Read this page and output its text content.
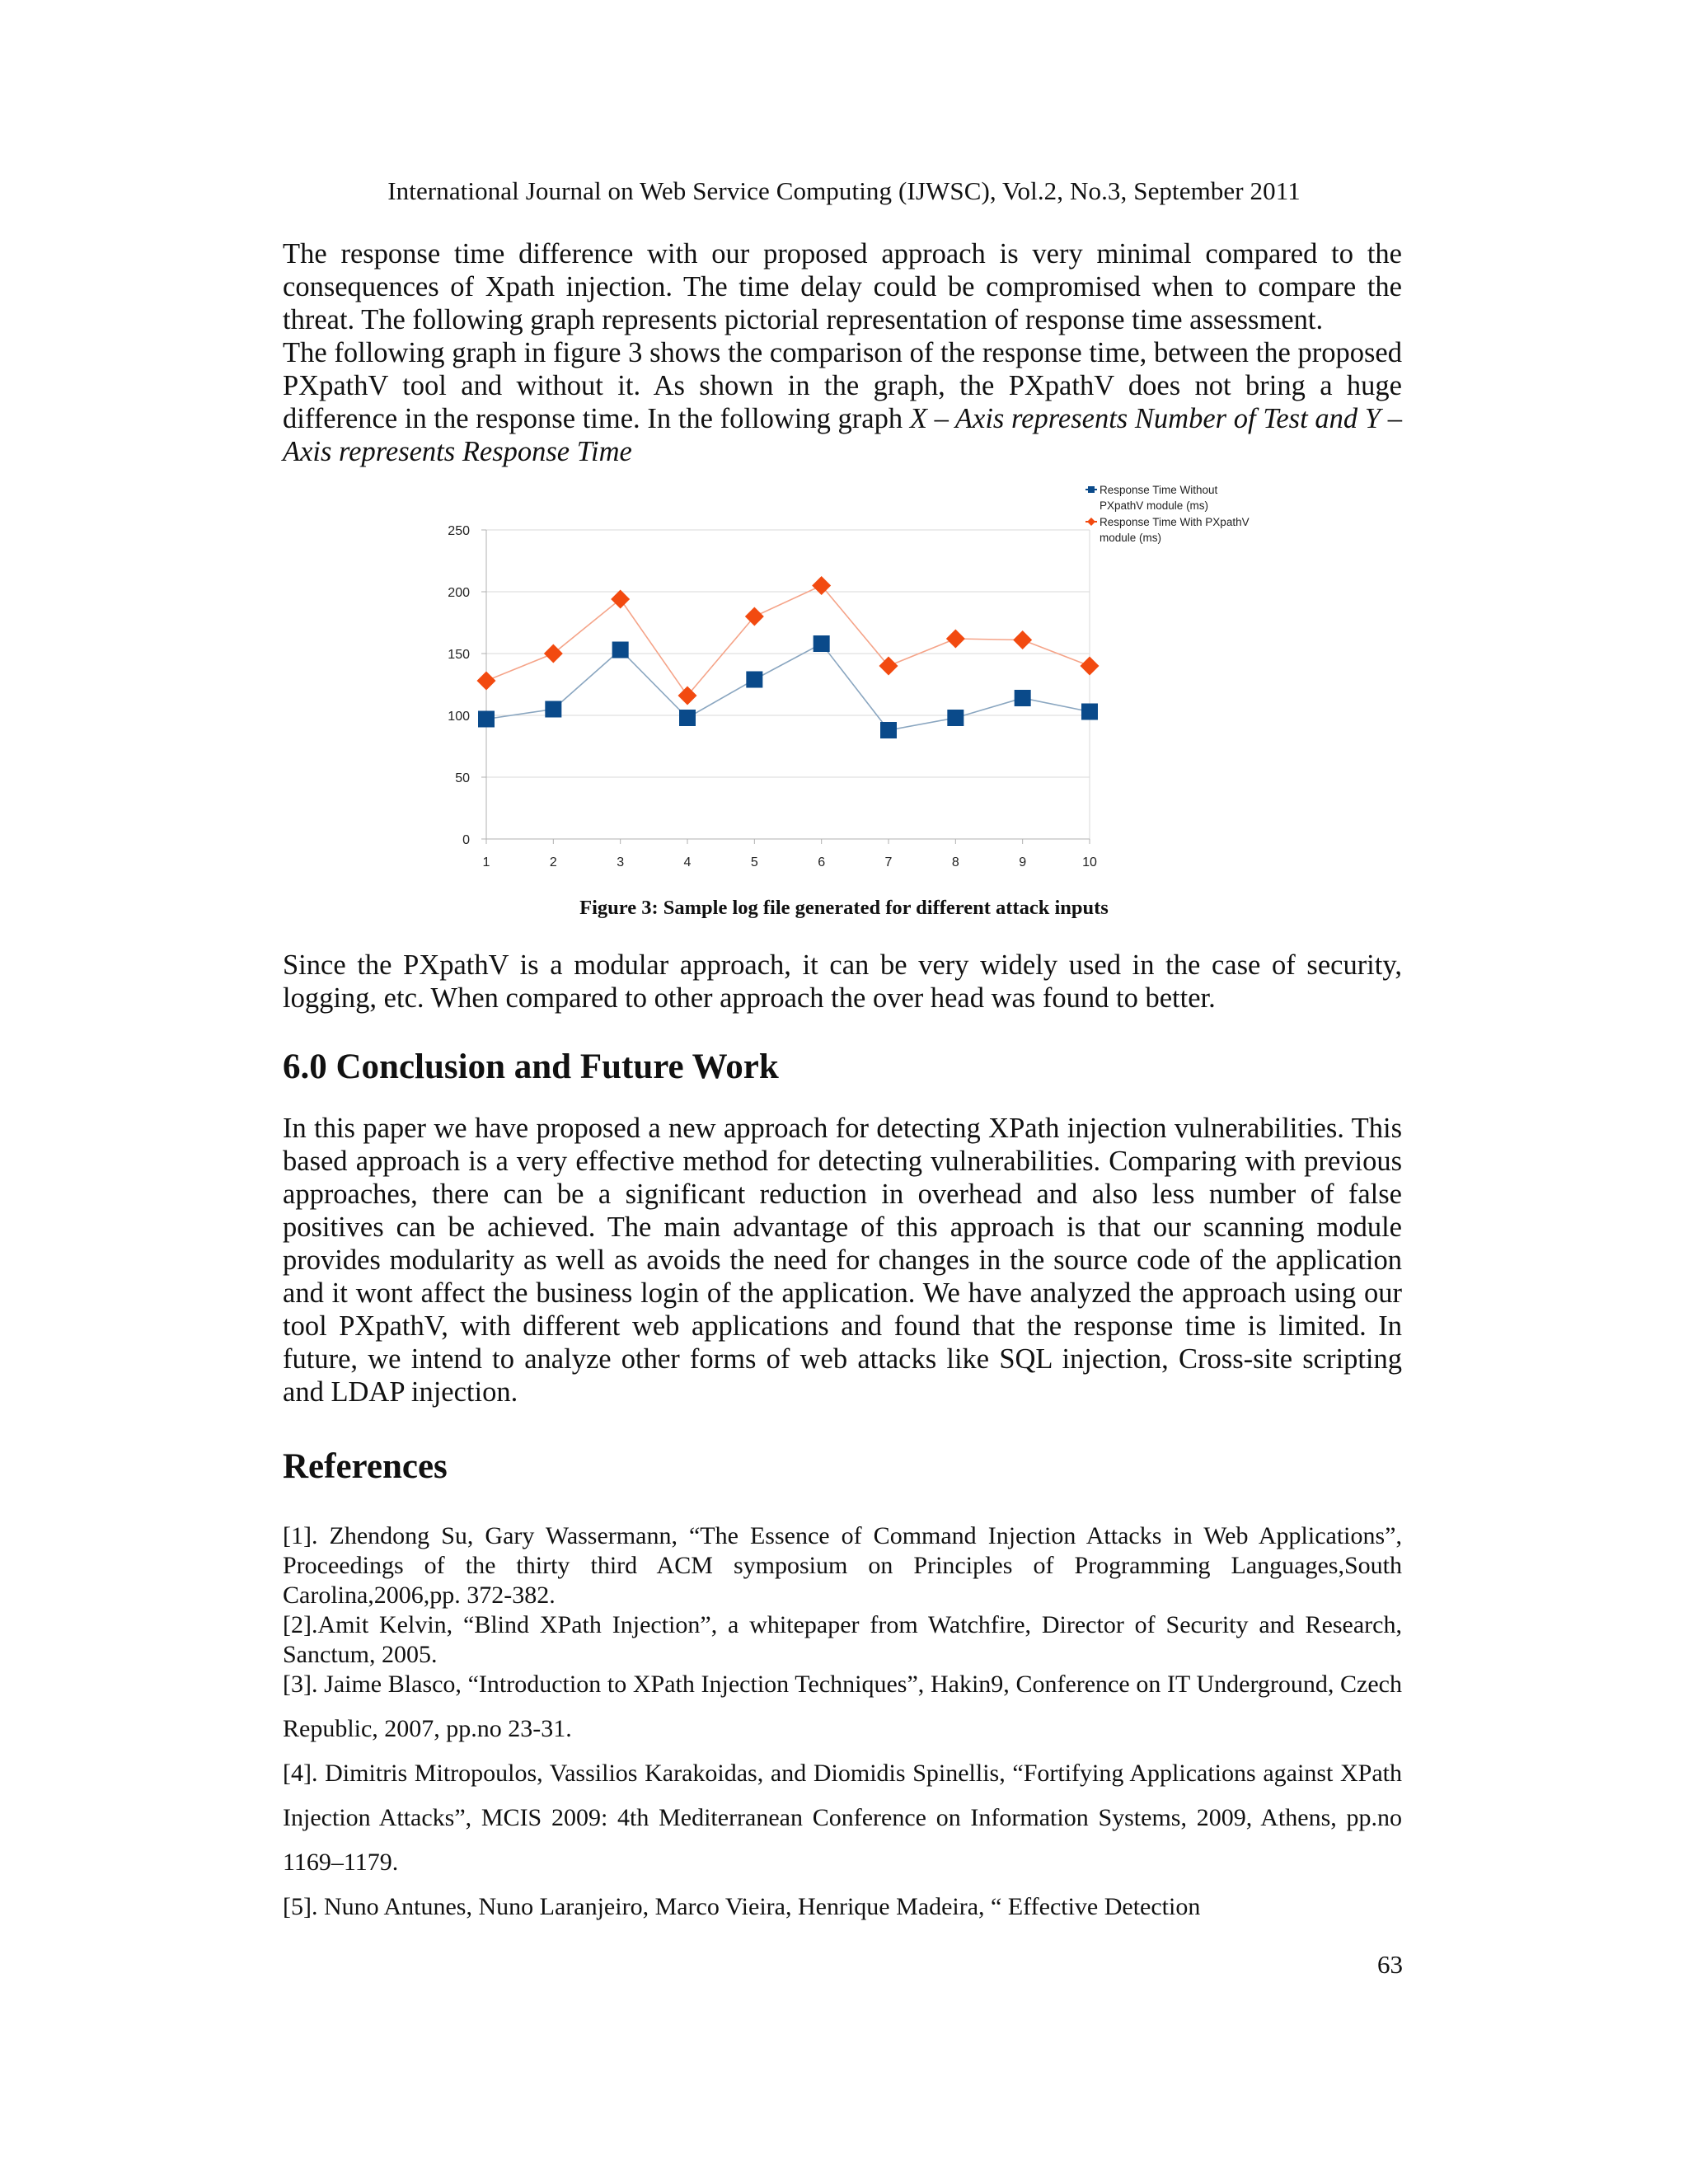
International Journal on Web Service Computing (IJWSC), Vol.2, No.3, September 2011

The response time difference with our proposed approach is very minimal compared to the consequences of Xpath injection. The time delay could be compromised when to compare the threat. The following graph represents pictorial representation of response time assessment.

The following graph in figure 3 shows the comparison of the response time, between the proposed PXpathV tool and without it. As shown in the graph, the PXpathV does not bring a huge difference in the response time. In the following graph X – Axis represents Number of Test and Y – Axis represents Response Time

0
50
100
150
200
250
1	2	3	4	5	6	7	8	9	10
Response Time Without
PXpathV module (ms)
Response Time With PXpathV
module (ms)
Figure 3: Sample log file generated for different attack inputs

Since the PXpathV is a modular approach, it can be very widely used in the case of security, logging, etc. When compared to other approach the over head was found to better.

6.0 Conclusion and Future Work

In this paper we have proposed a new approach for detecting XPath injection vulnerabilities. This based approach is a very effective method for detecting vulnerabilities. Comparing with previous approaches, there can be a significant reduction in overhead and also less number of false positives can be achieved. The main advantage of this approach is that our scanning module provides modularity as well as avoids the need for changes in the source code of the application and it wont affect the business login of the application. We have analyzed the approach using our tool PXpathV, with different web applications and found that the response time is limited. In future, we intend to analyze other forms of web attacks like SQL injection, Cross-site scripting and LDAP injection.

References

[1]. Zhendong Su, Gary Wassermann, “The Essence of Command Injection Attacks in Web Applications”, Proceedings of the thirty third ACM symposium on Principles of Programming Languages,South Carolina,2006,pp. 372-382.

[2].Amit Kelvin, “Blind XPath Injection”, a whitepaper from Watchfire, Director of Security and Research, Sanctum, 2005.

[3]. Jaime Blasco, “Introduction to XPath Injection Techniques”, Hakin9, Conference on IT Underground, Czech Republic, 2007, pp.no 23-31.

[4]. Dimitris Mitropoulos, Vassilios Karakoidas, and Diomidis Spinellis, “Fortifying Applications against XPath Injection Attacks”, MCIS 2009: 4th Mediterranean Conference on Information Systems, 2009, Athens, pp.no 1169–1179.

[5]. Nuno Antunes, Nuno Laranjeiro, Marco Vieira, Henrique Madeira, “ Effective Detection

63
